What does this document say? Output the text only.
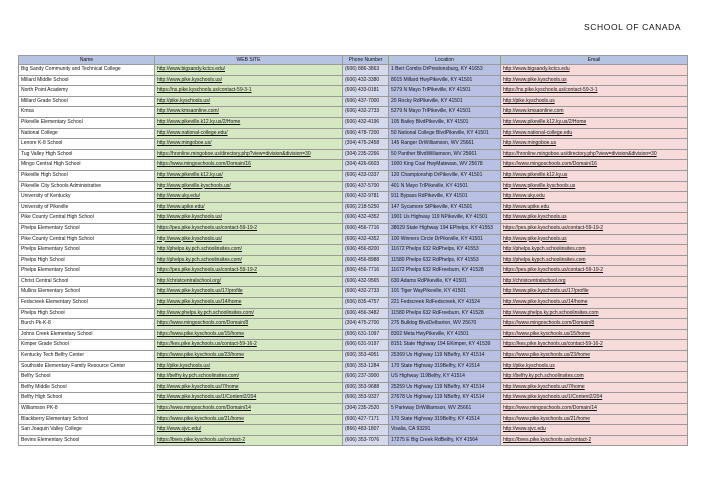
SCHOOL OF CANADA
Name	WEB SITE	Phone Number	Location	Email
Big Sandy Community and Technical College	http://www.bigsandy.kctcs.edu/	(606) 886-3863	1 Bert Combs DrPrestonsburg, KY 41653	http://www.bigsandy.kctcs.edu
Millard Middle School	http://www.pike.kyschools.us/	(606) 432-3380	8015 Millard HwyPikeville, KY 41501	http://www.pike.kyschools.us
North Point Academy	https://ns.pike.kyschools.us/contact-59-3-1	(606) 433-0181	5279 N Mayo TrlPikeville, KY 41501	https://ns.pike.kyschools.us/contact-59-3-1
Millard Grade School	http://pike.kyschools.us/	(606) 437-7000	20 Rocky RdPikeville, KY 41501	http://pike.kyschools.us
Kmsa	http://www.kmsaonline.com/	(606) 432-2733	5279 N Mayo TrlPikeville, KY 41501	http://www.kmsaonline.com
Pikeville Elementary School	http://www.pikeville.k12.ky.us/2/Home	(606) 432-4196	105 Bailey BlvdPikeville, KY 41501	http://www.pikeville.k12.ky.us/2/Home
National College	http://www.national-college.edu/	(606) 478-7200	50 National College BlvdPikeville, KY 41501	http://www.national-college.edu
Lenore K-8 School	http://www.mingoboe.us/	(304) 475-2458	145 Ranger DrWilliamson, WV 25661	http://www.mingoboe.us
Tug Valley High School	https://hronline.mingoboe.us/directory.php?view=division&division=30	(304) 235-2266	50 Panther BlvdWilliamson, WV 25661	https://hronline.mingoboe.us/directory.php?view=division&division=30
Mingo Central High School	https://www.mingoschools.com/Domain/16	(304) 426-6603	1000 King Coal HwyMatewan, WV 25678	https://www.mingoschools.com/Domain/16
Pikeville High School	http://www.pikeville.k12.ky.us/	(606) 433-0337	120 Championship DrPikeville, KY 41501	http://www.pikeville.k12.ky.us
Pikeville City Schools Administrative	http://www.pikeville.kyschools.us/	(606) 437-5700	401 N Mayo TrlPikeville, KY 41501	http://www.pikeville.kyschools.us
University of Kentucky	http://www.uky.edu/	(606) 432-9781	911 Bypass RdPikeville, KY 41501	http://www.uky.edu
University of Pikeville	http://www.upike.edu/	(606) 218-5250	147 Sycamore StPikeville, KY 41501	http://www.upike.edu
Pike County Central High School	http://www.pike.kyschools.us/	(606) 432-4352	1901 Us Highway 119 NPikeville, KY 41501	http://www.pike.kyschools.us
Phelps Elementary School	https://pes.pike.kyschools.us/contact-59-19-2	(606) 456-7716	38029 State Highway 194 EPhelps, KY 41553	https://pes.pike.kyschools.us/contact-59-19-2
Pike County Central High School	http://www.pike.kyschools.us/	(606) 432-4352	100 Winners Circle DrPikeville, KY 41501	http://www.pike.kyschools.us
Phelps Elementary School	http://phelps.ky.pch.schoolinsites.com/	(606) 456-8200	11672 Phelps 632 RdPhelps, KY 41553	http://phelps.kypch.schoolinsites.com
Phelps High School	http://phelps.ky.pch.schoolinsites.com/	(606) 456-8988	11580 Phelps 632 RdPhelps, KY 41553	http://phelps.kypch.schoolinsites.com
Phelps Elementary School	https://pes.pike.kyschools.us/contact-59-19-2	(606) 456-7716	11672 Phelps 632 RdFreeburn, KY 41528	https://pes.pike.kyschools.us/contact-59-19-2
Christ Central School	http://christcentralschool.org/	(606) 432-9565	630 Adams RdPikeville, KY 41501	http://christcentralschool.org
Mullins Elementary School	http://www.pike.kyschools.us/17/profile	(606) 432-2733	101 Tiger WayPikeville, KY 41501	http://www.pike.kyschools.us/17/profile
Fedscreek Elementary School	http://www.pike.kyschools.us/14/home	(606) 835-4757	221 Fedscreek RdFedscreek, KY 41524	http://www.pike.kyschools.us/14/home
Phelps High School	http://www.phelps.ky.pch.schoolinsites.com/	(606) 456-3482	11580 Phelps 632 RdFreeburn, KY 41528	http://www.phelps.ky.pch.schoolinsites.com
Burch Pk-K-8	https://www.mingoschools.com/Domain/8	(304) 475-2700	275 Bulldog BlvdDelbarton, WV 25670	https://www.mingoschools.com/Domain/8
Johns Creek Elementary School	https://www.pike.kyschools.us/15/home	(606) 631-1097	8302 Meta HwyPikeville, KY 41501	https://www.pike.kyschools.us/15/home
Kimper Grade School	https://kes.pike.kyschools.us/contact-59-16-2	(606) 631-9197	8151 State Highway 194 EKimper, KY 41539	https://kes.pike.kyschools.us/contact-59-16-2
Kentucky Tech Belfry Center	https://www.pike.kyschools.us/23/home	(606) 353-4951	25369 Us Highway 119 NBelfry, KY 41514	https://www.pike.kyschools.us/23/home
Southside Elementary Family Resource Center	http://pike.kyschools.us/	(606) 353-1284	170 State Highway 319Belfry, KY 41514	http://pike.kyschools.us
Belfry School	http://belfry.ky.pch.schoolinsites.com/	(606) 237-3900	US Highway 119Belfry, KY 41514	http://belfry.ky.pch.schoolinsites.com
Belfry Middle School	http://www.pike.kyschools.us/7/home	(606) 353-9688	25259 Us Highway 119 NBelfry, KY 41514	http://www.pike.kyschools.us/7/home
Belfry High School	http://www.pike.kyschools.us/1/Content2/204	(606) 353-9327	27678 Us Highway 119 NBelfry, KY 41514	http://www.pike.kyschools.us/1/Content2/204
Williamson PK-8	https://www.mingoschools.com/Domain/14	(304) 235-2520	5 Parkway DrWilliamson, WV 25661	https://www.mingoschools.com/Domain/14
Blackberry Elementary School	https://www.pike.kyschools.us/21/home	(606) 427-7171	170 State Highway 319Belfry, KY 41514	https://www.pike.kyschools.us/21/home
San Joaquin Valley College	http://www.sjvc.edu/	(866) 483-1807	Visalia, CA 93291	http://www.sjvc.edu
Bevins Elementary School	https://bves.pike.kyschools.us/contact-2	(606) 353-7076	17275 E Big Creek RdBelfry, KY 41564	https://bves.pike.kyschools.us/contact-2
